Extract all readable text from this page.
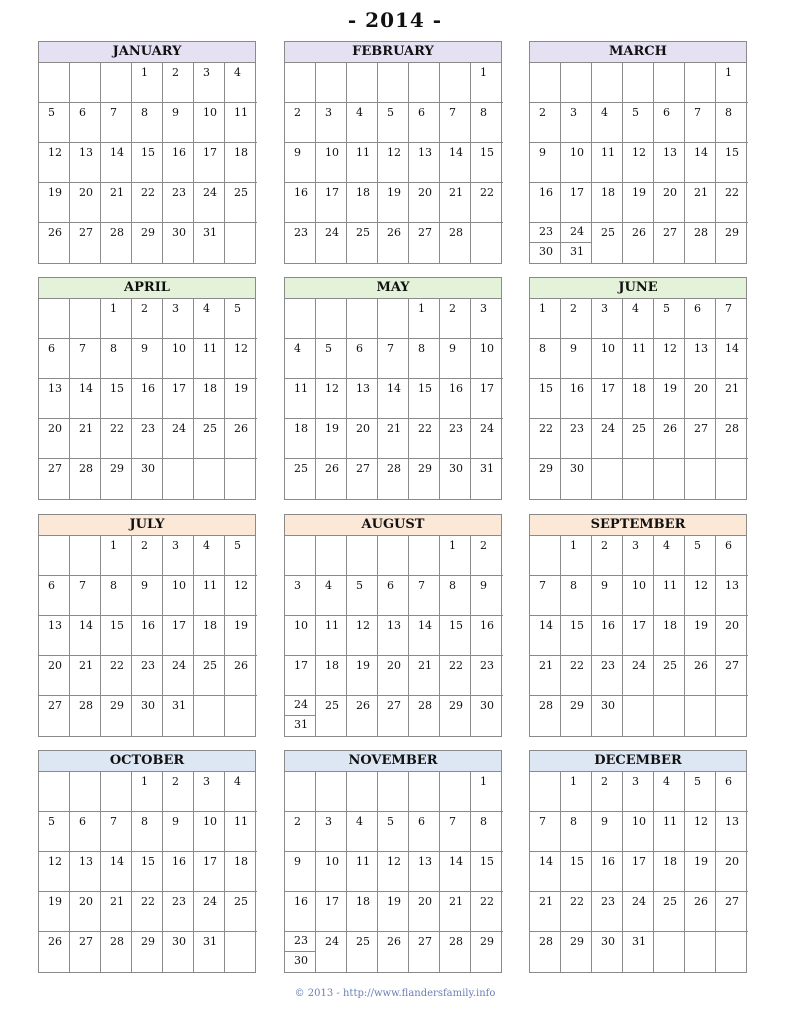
- 2014 -
JANUARY
1 2 3 4
5 6 7 8 9 10 11
12 13 14 15 16 17 18
19 20 21 22 23 24 25
26 27 28 29 30 31
FEBRUARY
1
2 3 4 5 6 7 8
9 10 11 12 13 14 15
16 17 18 19 20 21 22
23 24 25 26 27 28
MARCH
1
2 3 4 5 6 7 8
9 10 11 12 13 14 15
16 17 18 19 20 21 22
23
30
24
31
25 26 27 28 29
APRIL
1 2 3 4 5
6 7 8 9 10 11 12
13 14 15 16 17 18 19
20 21 22 23 24 25 26
27 28 29 30
MAY
1 2 3
4 5 6 7 8 9 10
11 12 13 14 15 16 17
18 19 20 21 22 23 24
25 26 27 28 29 30 31
JUNE
1 2 3 4 5 6 7
8 9 10 11 12 13 14
15 16 17 18 19 20 21
22 23 24 25 26 27 28
29 30
JULY
1 2 3 4 5
6 7 8 9 10 11 12
13 14 15 16 17 18 19
20 21 22 23 24 25 26
27 28 29 30 31
AUGUST
1 2
3 4 5 6 7 8 9
10 11 12 13 14 15 16
17 18 19 20 21 22 23
24
31
25 26 27 28 29 30
SEPTEMBER
1 2 3 4 5 6
7 8 9 10 11 12 13
14 15 16 17 18 19 20
21 22 23 24 25 26 27
28 29 30
OCTOBER
1 2 3 4
5 6 7 8 9 10 11
12 13 14 15 16 17 18
19 20 21 22 23 24 25
26 27 28 29 30 31
NOVEMBER
1
2 3 4 5 6 7 8
9 10 11 12 13 14 15
16 17 18 19 20 21 22
23
30
24 25 26 27 28 29
DECEMBER
1 2 3 4 5 6
7 8 9 10 11 12 13
14 15 16 17 18 19 20
21 22 23 24 25 26 27
28 29 30 31
© 2013 - http://www.flandersfamily.info
